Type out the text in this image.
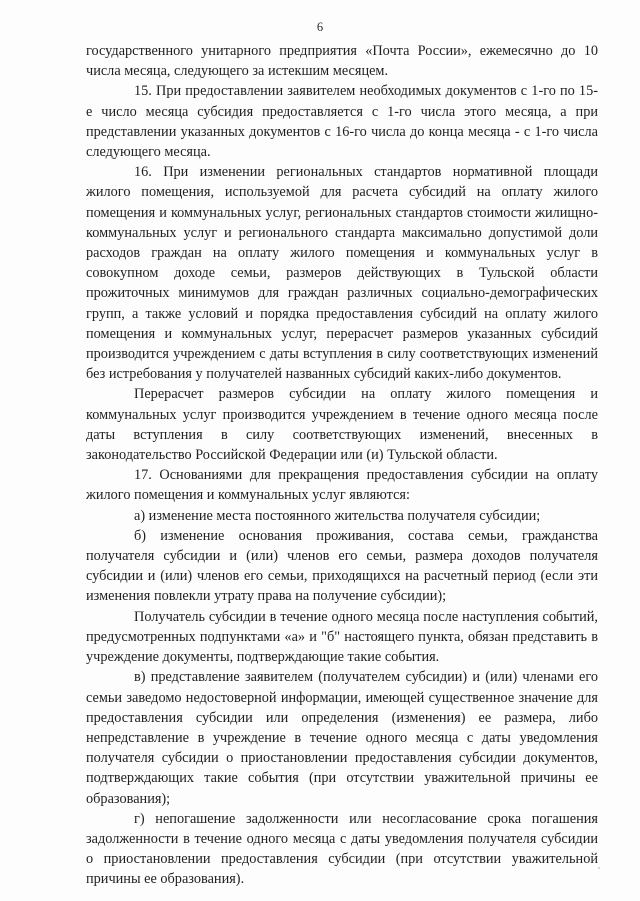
6

государственного унитарного предприятия «Почта России», ежемесячно до 10 числа месяца, следующего за истекшим месяцем.

15. При предоставлении заявителем необходимых документов с 1-го по 15-е число месяца субсидия предоставляется с 1-го числа этого месяца, а при представлении указанных документов с 16-го числа до конца месяца - с 1-го числа следующего месяца.

16. При изменении региональных стандартов нормативной площади жилого помещения, используемой для расчета субсидий на оплату жилого помещения и коммунальных услуг, региональных стандартов стоимости жилищно-коммунальных услуг и регионального стандарта максимально допустимой доли расходов граждан на оплату жилого помещения и коммунальных услуг в совокупном доходе семьи, размеров действующих в Тульской области прожиточных минимумов для граждан различных социально-демографических групп, а также условий и порядка предоставления субсидий на оплату жилого помещения и коммунальных услуг, перерасчет размеров указанных субсидий производится учреждением с даты вступления в силу соответствующих изменений без истребования у получателей названных субсидий каких-либо документов.

Перерасчет размеров субсидии на оплату жилого помещения и коммунальных услуг производится учреждением в течение одного месяца после даты вступления в силу соответствующих изменений, внесенных в законодательство Российской Федерации или (и) Тульской области.

17. Основаниями для прекращения предоставления субсидии на оплату жилого помещения и коммунальных услуг являются:

а) изменение места постоянного жительства получателя субсидии;

б) изменение основания проживания, состава семьи, гражданства получателя субсидии и (или) членов его семьи, размера доходов получателя субсидии и (или) членов его семьи, приходящихся на расчетный период (если эти изменения повлекли утрату права на получение субсидии);

Получатель субсидии в течение одного месяца после наступления событий, предусмотренных подпунктами «а» и "б" настоящего пункта, обязан представить в учреждение документы, подтверждающие такие события.

в) представление заявителем (получателем субсидии) и (или) членами его семьи заведомо недостоверной информации, имеющей существенное значение для предоставления субсидии или определения (изменения) ее размера, либо непредставление в учреждение в течение одного месяца с даты уведомления получателя субсидии о приостановлении предоставления субсидии документов, подтверждающих такие события (при отсутствии уважительной причины ее образования);

г) непогашение задолженности или несогласование срока погашения задолженности в течение одного месяца с даты уведомления получателя субсидии о приостановлении предоставления субсидии (при отсутствии уважительной причины ее образования).
